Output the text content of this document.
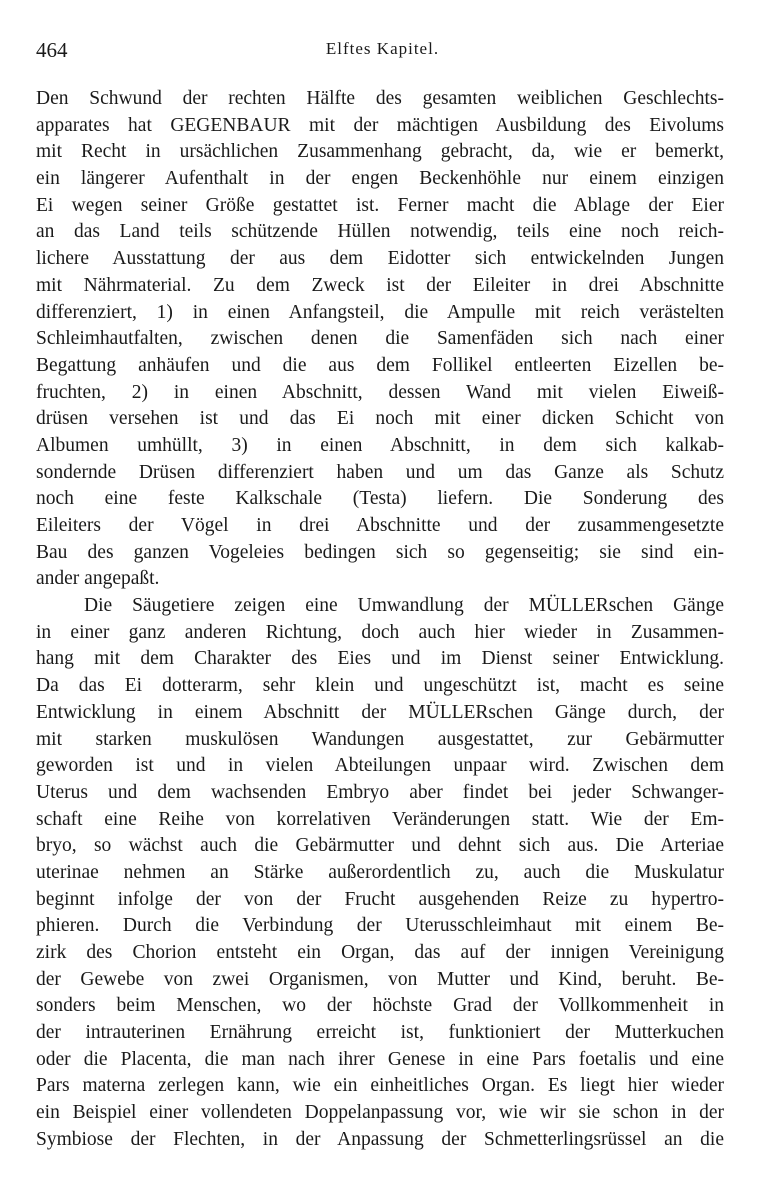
464	Elftes Kapitel.
Den Schwund der rechten Hälfte des gesamten weiblichen Geschlechts-
apparates hat GEGENBAUR mit der mächtigen Ausbildung des Eivolums
mit Recht in ursächlichen Zusammenhang gebracht, da, wie er bemerkt,
ein längerer Aufenthalt in der engen Beckenhöhle nur einem einzigen
Ei wegen seiner Größe gestattet ist. Ferner macht die Ablage der Eier
an das Land teils schützende Hüllen notwendig, teils eine noch reich-
lichere Ausstattung der aus dem Eidotter sich entwickelnden Jungen
mit Nährmaterial. Zu dem Zweck ist der Eileiter in drei Abschnitte
differenziert, 1) in einen Anfangsteil, die Ampulle mit reich verästelten
Schleimhautfalten, zwischen denen die Samenfäden sich nach einer
Begattung anhäufen und die aus dem Follikel entleerten Eizellen be-
fruchten, 2) in einen Abschnitt, dessen Wand mit vielen Eiweiß-
drüsen versehen ist und das Ei noch mit einer dicken Schicht von
Albumen umhüllt, 3) in einen Abschnitt, in dem sich kalkab-
sondernde Drüsen differenziert haben und um das Ganze als Schutz
noch eine feste Kalkschale (Testa) liefern. Die Sonderung des
Eileiters der Vögel in drei Abschnitte und der zusammengesetzte
Bau des ganzen Vogeleies bedingen sich so gegenseitig; sie sind ein-
ander angepaßt.
Die Säugetiere zeigen eine Umwandlung der MÜLLERschen Gänge
in einer ganz anderen Richtung, doch auch hier wieder in Zusammen-
hang mit dem Charakter des Eies und im Dienst seiner Entwicklung.
Da das Ei dotterarm, sehr klein und ungeschützt ist, macht es seine
Entwicklung in einem Abschnitt der MÜLLERschen Gänge durch, der
mit starken muskulösen Wandungen ausgestattet, zur Gebärmutter
geworden ist und in vielen Abteilungen unpaar wird. Zwischen dem
Uterus und dem wachsenden Embryo aber findet bei jeder Schwanger-
schaft eine Reihe von korrelativen Veränderungen statt. Wie der Em-
bryo, so wächst auch die Gebärmutter und dehnt sich aus. Die Arteriae
uterinae nehmen an Stärke außerordentlich zu, auch die Muskulatur
beginnt infolge der von der Frucht ausgehenden Reize zu hypertro-
phieren. Durch die Verbindung der Uterusschleimhaut mit einem Be-
zirk des Chorion entsteht ein Organ, das auf der innigen Vereinigung
der Gewebe von zwei Organismen, von Mutter und Kind, beruht. Be-
sonders beim Menschen, wo der höchste Grad der Vollkommenheit in
der intrauterinen Ernährung erreicht ist, funktioniert der Mutterkuchen
oder die Placenta, die man nach ihrer Genese in eine Pars foetalis und eine
Pars materna zerlegen kann, wie ein einheitliches Organ. Es liegt hier wieder
ein Beispiel einer vollendeten Doppelanpassung vor, wie wir sie schon in der
Symbiose der Flechten, in der Anpassung der Schmetterlingsrüssel an die
